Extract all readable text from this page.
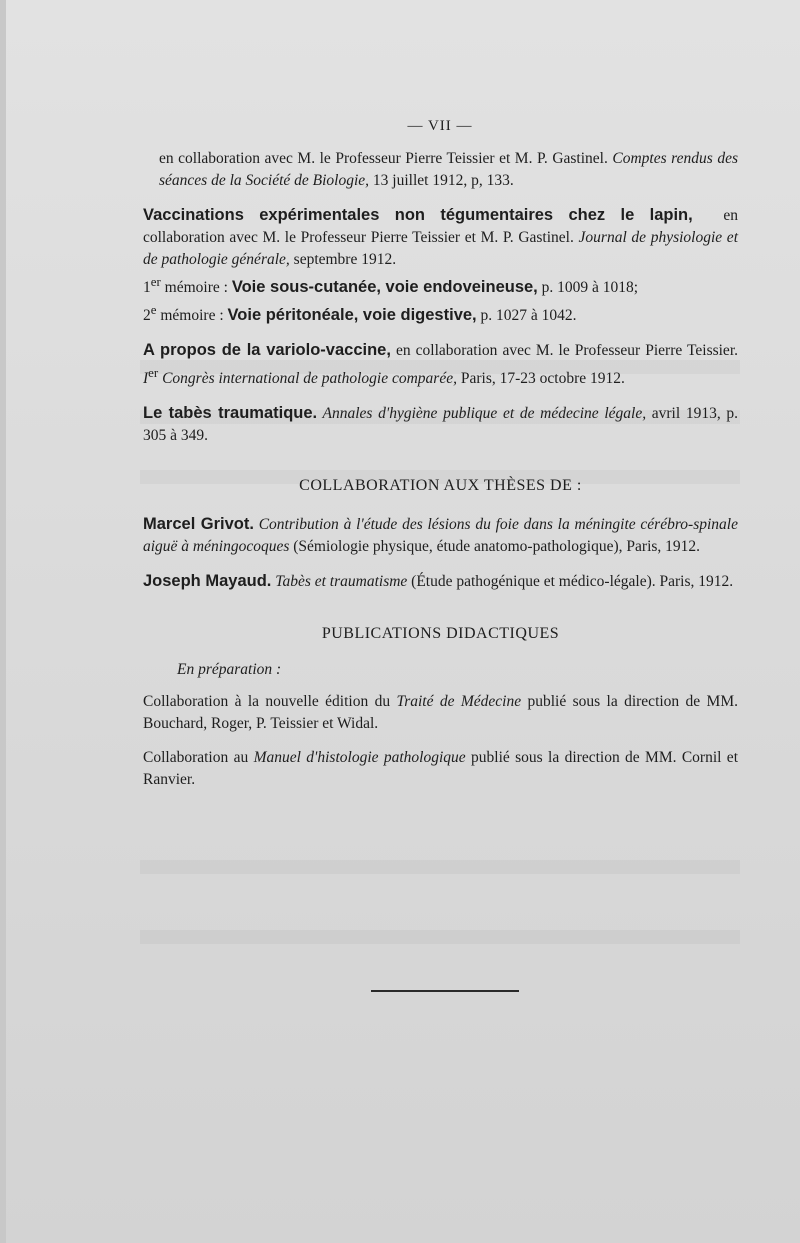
— VII —
en collaboration avec M. le Professeur Pierre Teissier et M. P. Gastinel. Comptes rendus des séances de la Société de Biologie, 13 juillet 1912, p, 133.
Vaccinations expérimentales non tégumentaires chez le lapin, en collaboration avec M. le Professeur Pierre Teissier et M. P. Gastinel. Journal de physiologie et de pathologie générale, septembre 1912.
1er mémoire : Voie sous-cutanée, voie endoveineuse, p. 1009 à 1018;
2e mémoire : Voie péritonéale, voie digestive, p. 1027 à 1042.
A propos de la variolo-vaccine, en collaboration avec M. le Professeur Pierre Teissier. Ier Congrès international de pathologie comparée, Paris, 17-23 octobre 1912.
Le tabès traumatique. Annales d'hygiène publique et de médecine légale, avril 1913, p. 305 à 349.
COLLABORATION AUX THÈSES DE :
Marcel Grivot. Contribution à l'étude des lésions du foie dans la méningite cérébro-spinale aiguë à méningocoques (Sémiologie physique, étude anatomo-pathologique), Paris, 1912.
Joseph Mayaud. Tabès et traumatisme (Étude pathogénique et médico-légale). Paris, 1912.
PUBLICATIONS DIDACTIQUES
En préparation :
Collaboration à la nouvelle édition du Traité de Médecine publié sous la direction de MM. Bouchard, Roger, P. Teissier et Widal.
Collaboration au Manuel d'histologie pathologique publié sous la direction de MM. Cornil et Ranvier.
